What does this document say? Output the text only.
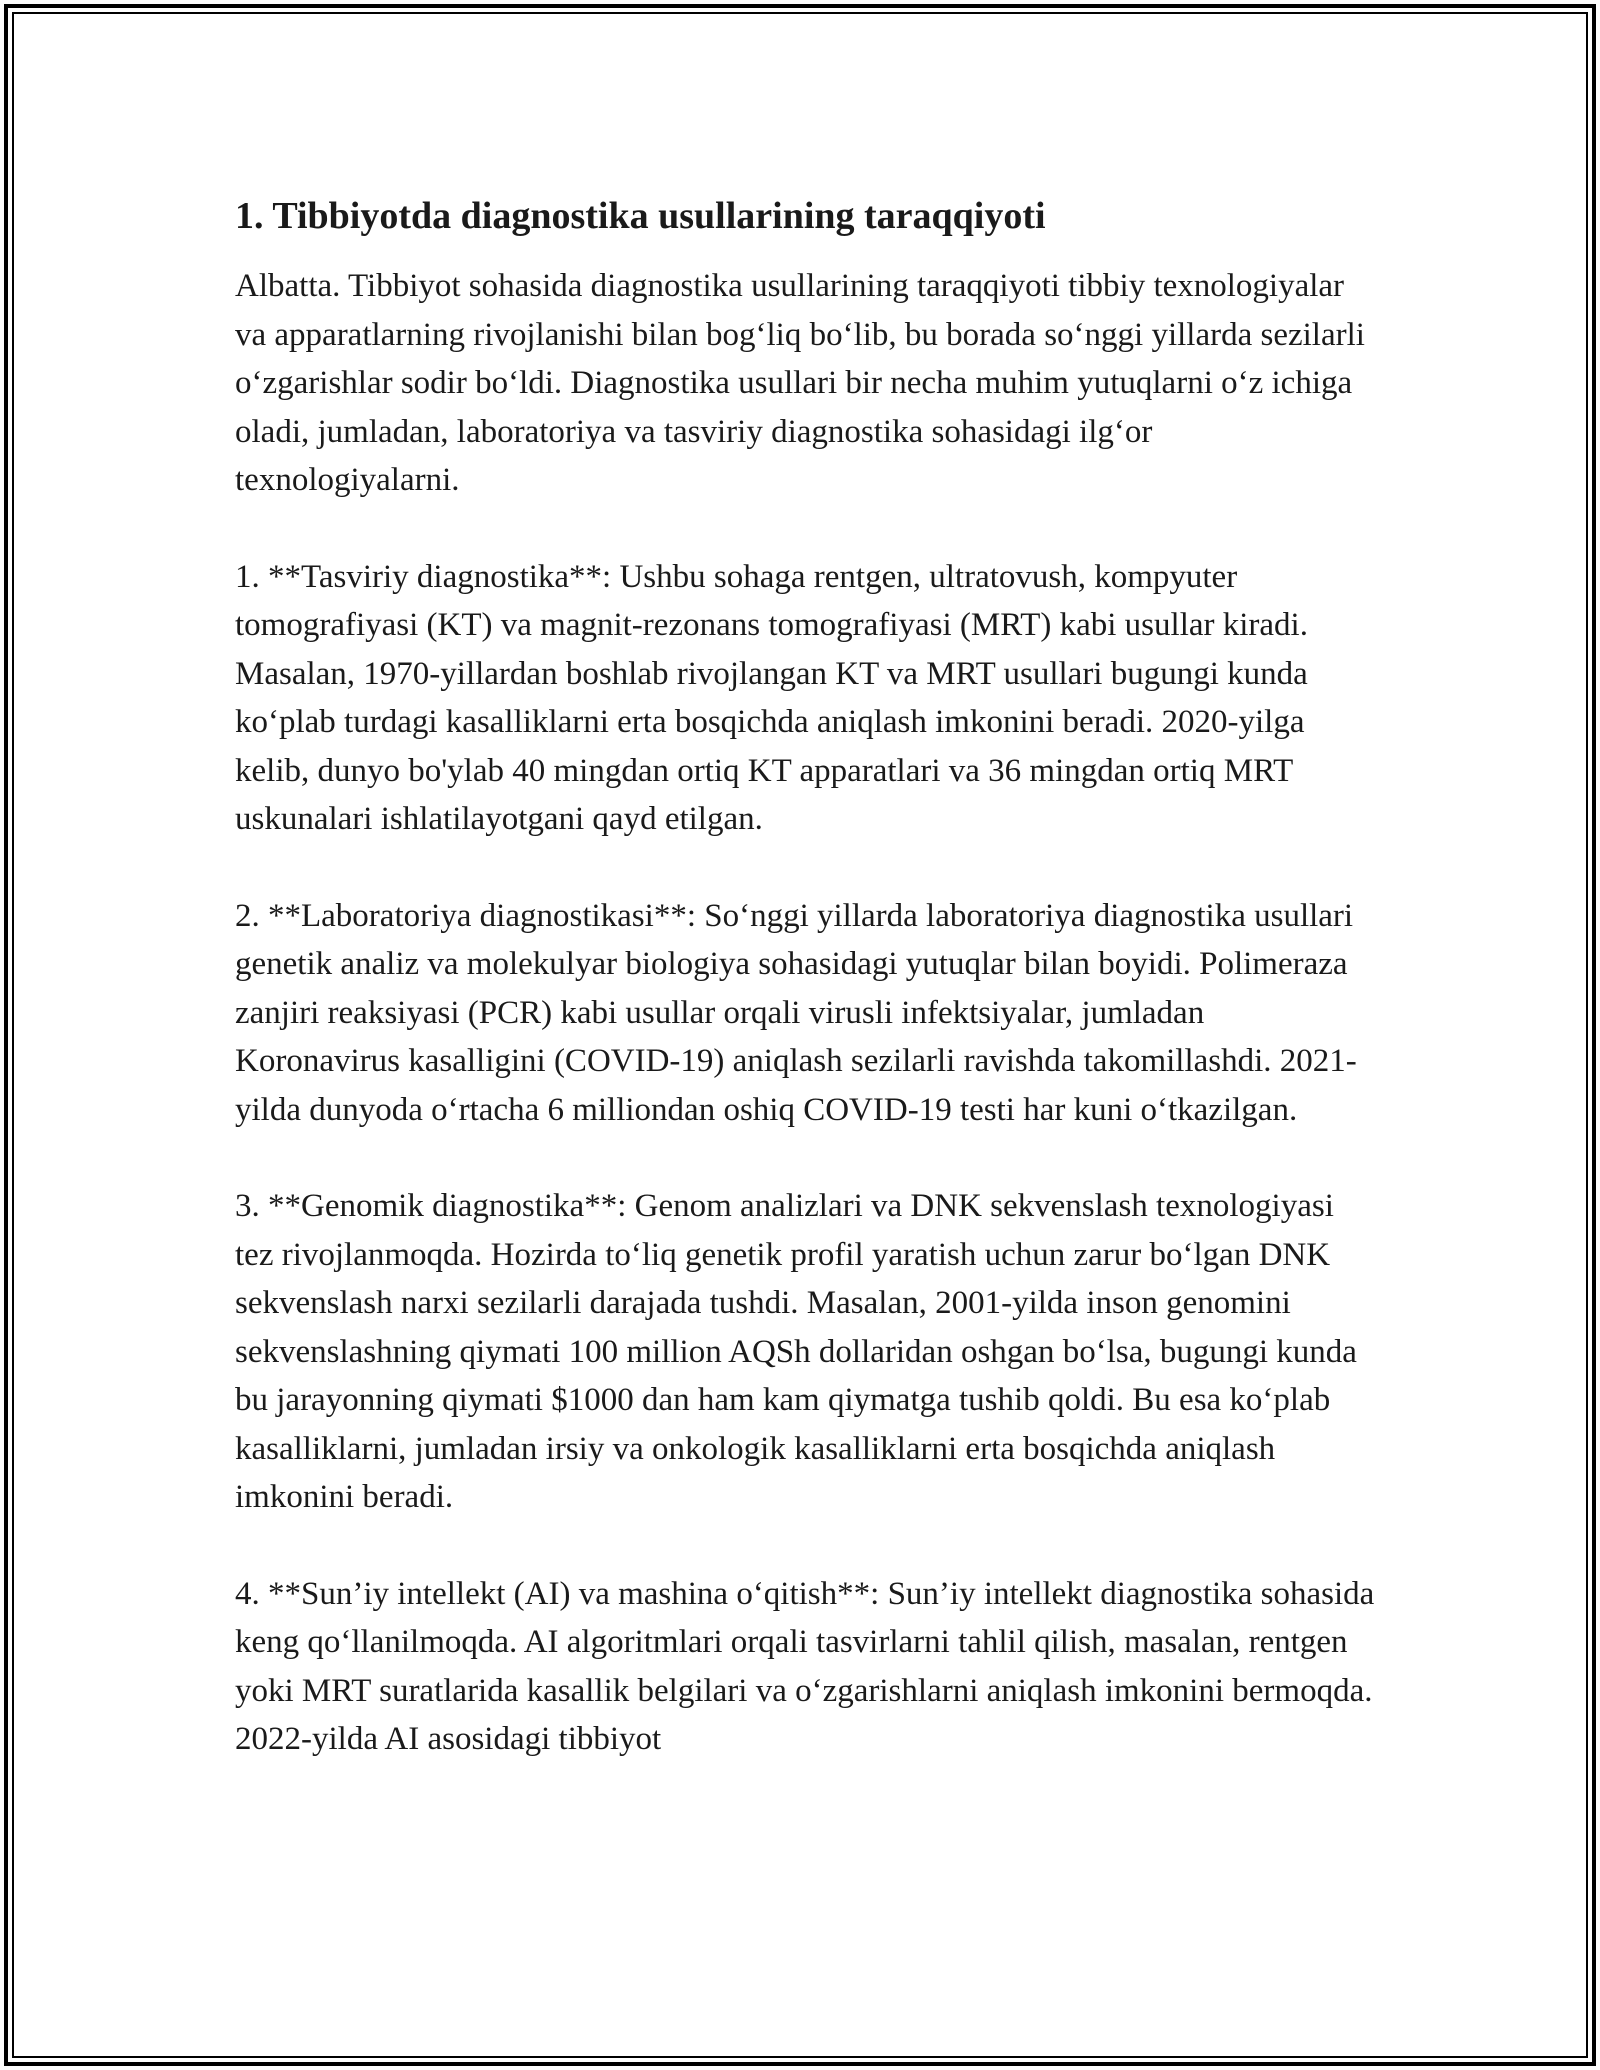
1. Tibbiyotda diagnostika usullarining taraqqiyoti

Albatta. Tibbiyot sohasida diagnostika usullarining taraqqiyoti tibbiy texnologiyalar va apparatlarning rivojlanishi bilan bog‘liq bo‘lib, bu borada so‘nggi yillarda sezilarli o‘zgarishlar sodir bo‘ldi. Diagnostika usullari bir necha muhim yutuqlarni o‘z ichiga oladi, jumladan, laboratoriya va tasviriy diagnostika sohasidagi ilg‘or texnologiyalarni.

1. **Tasviriy diagnostika**: Ushbu sohaga rentgen, ultratovush, kompyuter tomografiyasi (KT) va magnit-rezonans tomografiyasi (MRT) kabi usullar kiradi. Masalan, 1970-yillardan boshlab rivojlangan KT va MRT usullari bugungi kunda ko‘plab turdagi kasalliklarni erta bosqichda aniqlash imkonini beradi. 2020-yilga kelib, dunyo bo'ylab 40 mingdan ortiq KT apparatlari va 36 mingdan ortiq MRT uskunalari ishlatilayotgani qayd etilgan.

2. **Laboratoriya diagnostikasi**: So‘nggi yillarda laboratoriya diagnostika usullari genetik analiz va molekulyar biologiya sohasidagi yutuqlar bilan boyidi. Polimeraza zanjiri reaksiyasi (PCR) kabi usullar orqali virusli infektsiyalar, jumladan Koronavirus kasalligini (COVID-19) aniqlash sezilarli ravishda takomillashdi. 2021-yilda dunyoda o‘rtacha 6 milliondan oshiq COVID-19 testi har kuni o‘tkazilgan.

3. **Genomik diagnostika**: Genom analizlari va DNK sekvenslash texnologiyasi tez rivojlanmoqda. Hozirda to‘liq genetik profil yaratish uchun zarur bo‘lgan DNK sekvenslash narxi sezilarli darajada tushdi. Masalan, 2001-yilda inson genomini sekvenslashning qiymati 100 million AQSh dollaridan oshgan bo‘lsa, bugungi kunda bu jarayonning qiymati $1000 dan ham kam qiymatga tushib qoldi. Bu esa ko‘plab kasalliklarni, jumladan irsiy va onkologik kasalliklarni erta bosqichda aniqlash imkonini beradi.

4. **Sun’iy intellekt (AI) va mashina o‘qitish**: Sun’iy intellekt diagnostika sohasida keng qo‘llanilmoqda. AI algoritmlari orqali tasvirlarni tahlil qilish, masalan, rentgen yoki MRT suratlarida kasallik belgilari va o‘zgarishlarni aniqlash imkonini bermoqda. 2022-yilda AI asosidagi tibbiyot
